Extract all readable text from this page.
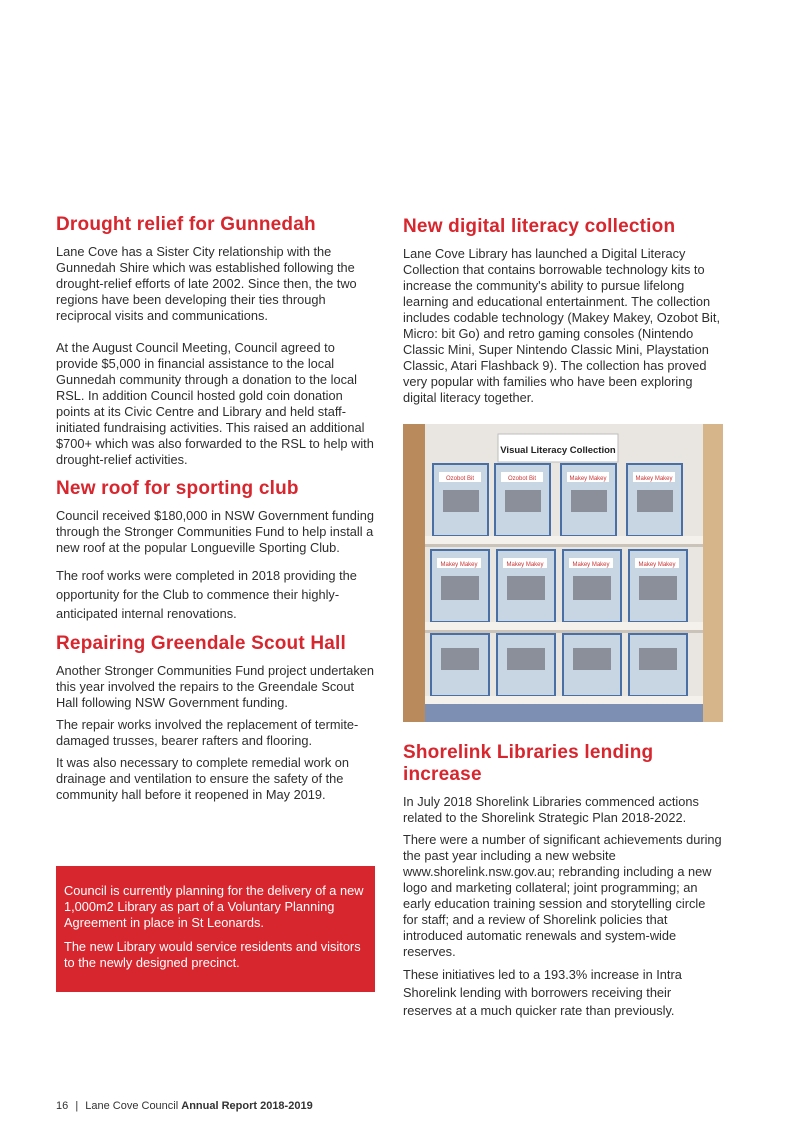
Drought relief for Gunnedah

Lane Cove has a Sister City relationship with the Gunnedah Shire which was established following the drought-relief efforts of late 2002. Since then, the two regions have been developing their ties through reciprocal visits and communications.

At the August Council Meeting, Council agreed to provide $5,000 in financial assistance to the local Gunnedah community through a donation to the local RSL. In addition Council hosted gold coin donation points at its Civic Centre and Library and held staff-initiated fundraising activities. This raised an additional $700+ which was also forwarded to the RSL to help with drought-relief activities.

New roof for sporting club

Council received $180,000 in NSW Government funding through the Stronger Communities Fund to help install a new roof at the popular Longueville Sporting Club.

The roof works were completed in 2018 providing the opportunity for the Club to commence their highly-anticipated internal renovations.

Repairing Greendale Scout Hall

Another Stronger Communities Fund project undertaken this year involved the repairs to the Greendale Scout Hall following NSW Government funding.

The repair works involved the replacement of termite-damaged trusses, bearer rafters and flooring.

It was also necessary to complete remedial work on drainage and ventilation to ensure the safety of the community hall before it reopened in May 2019.

Council is currently planning for the delivery of a new 1,000m2 Library as part of a Voluntary Planning Agreement in place in St Leonards.

The new Library would service residents and visitors to the newly designed precinct.

New digital literacy collection

Lane Cove Library has launched a Digital Literacy Collection that contains borrowable technology kits to increase the community's ability to pursue lifelong learning and educational entertainment. The collection includes codable technology (Makey Makey, Ozobot Bit, Micro: bit Go) and retro gaming consoles (Nintendo Classic Mini, Super Nintendo Classic Mini, Playstation Classic, Atari Flashback 9). The collection has proved very popular with families who have been exploring digital literacy together.

Visual Literacy Collection
Ozobot Bit	Ozobot Bit	Makey Makey	Makey Makey
Makey Makey	Makey Makey	Makey Makey	Makey Makey
Shorelink Libraries lending increase

In July 2018 Shorelink Libraries commenced actions related to the Shorelink Strategic Plan 2018-2022.

There were a number of significant achievements during the past year including a new website www.shorelink.nsw.gov.au; rebranding including a new logo and marketing collateral; joint programming; an early education training session and storytelling circle for staff; and a review of Shorelink policies that introduced automatic renewals and system-wide reserves.

These initiatives led to a 193.3% increase in Intra Shorelink lending with borrowers receiving their reserves at a much quicker rate than previously.

16 | Lane Cove Council Annual Report 2018-2019
